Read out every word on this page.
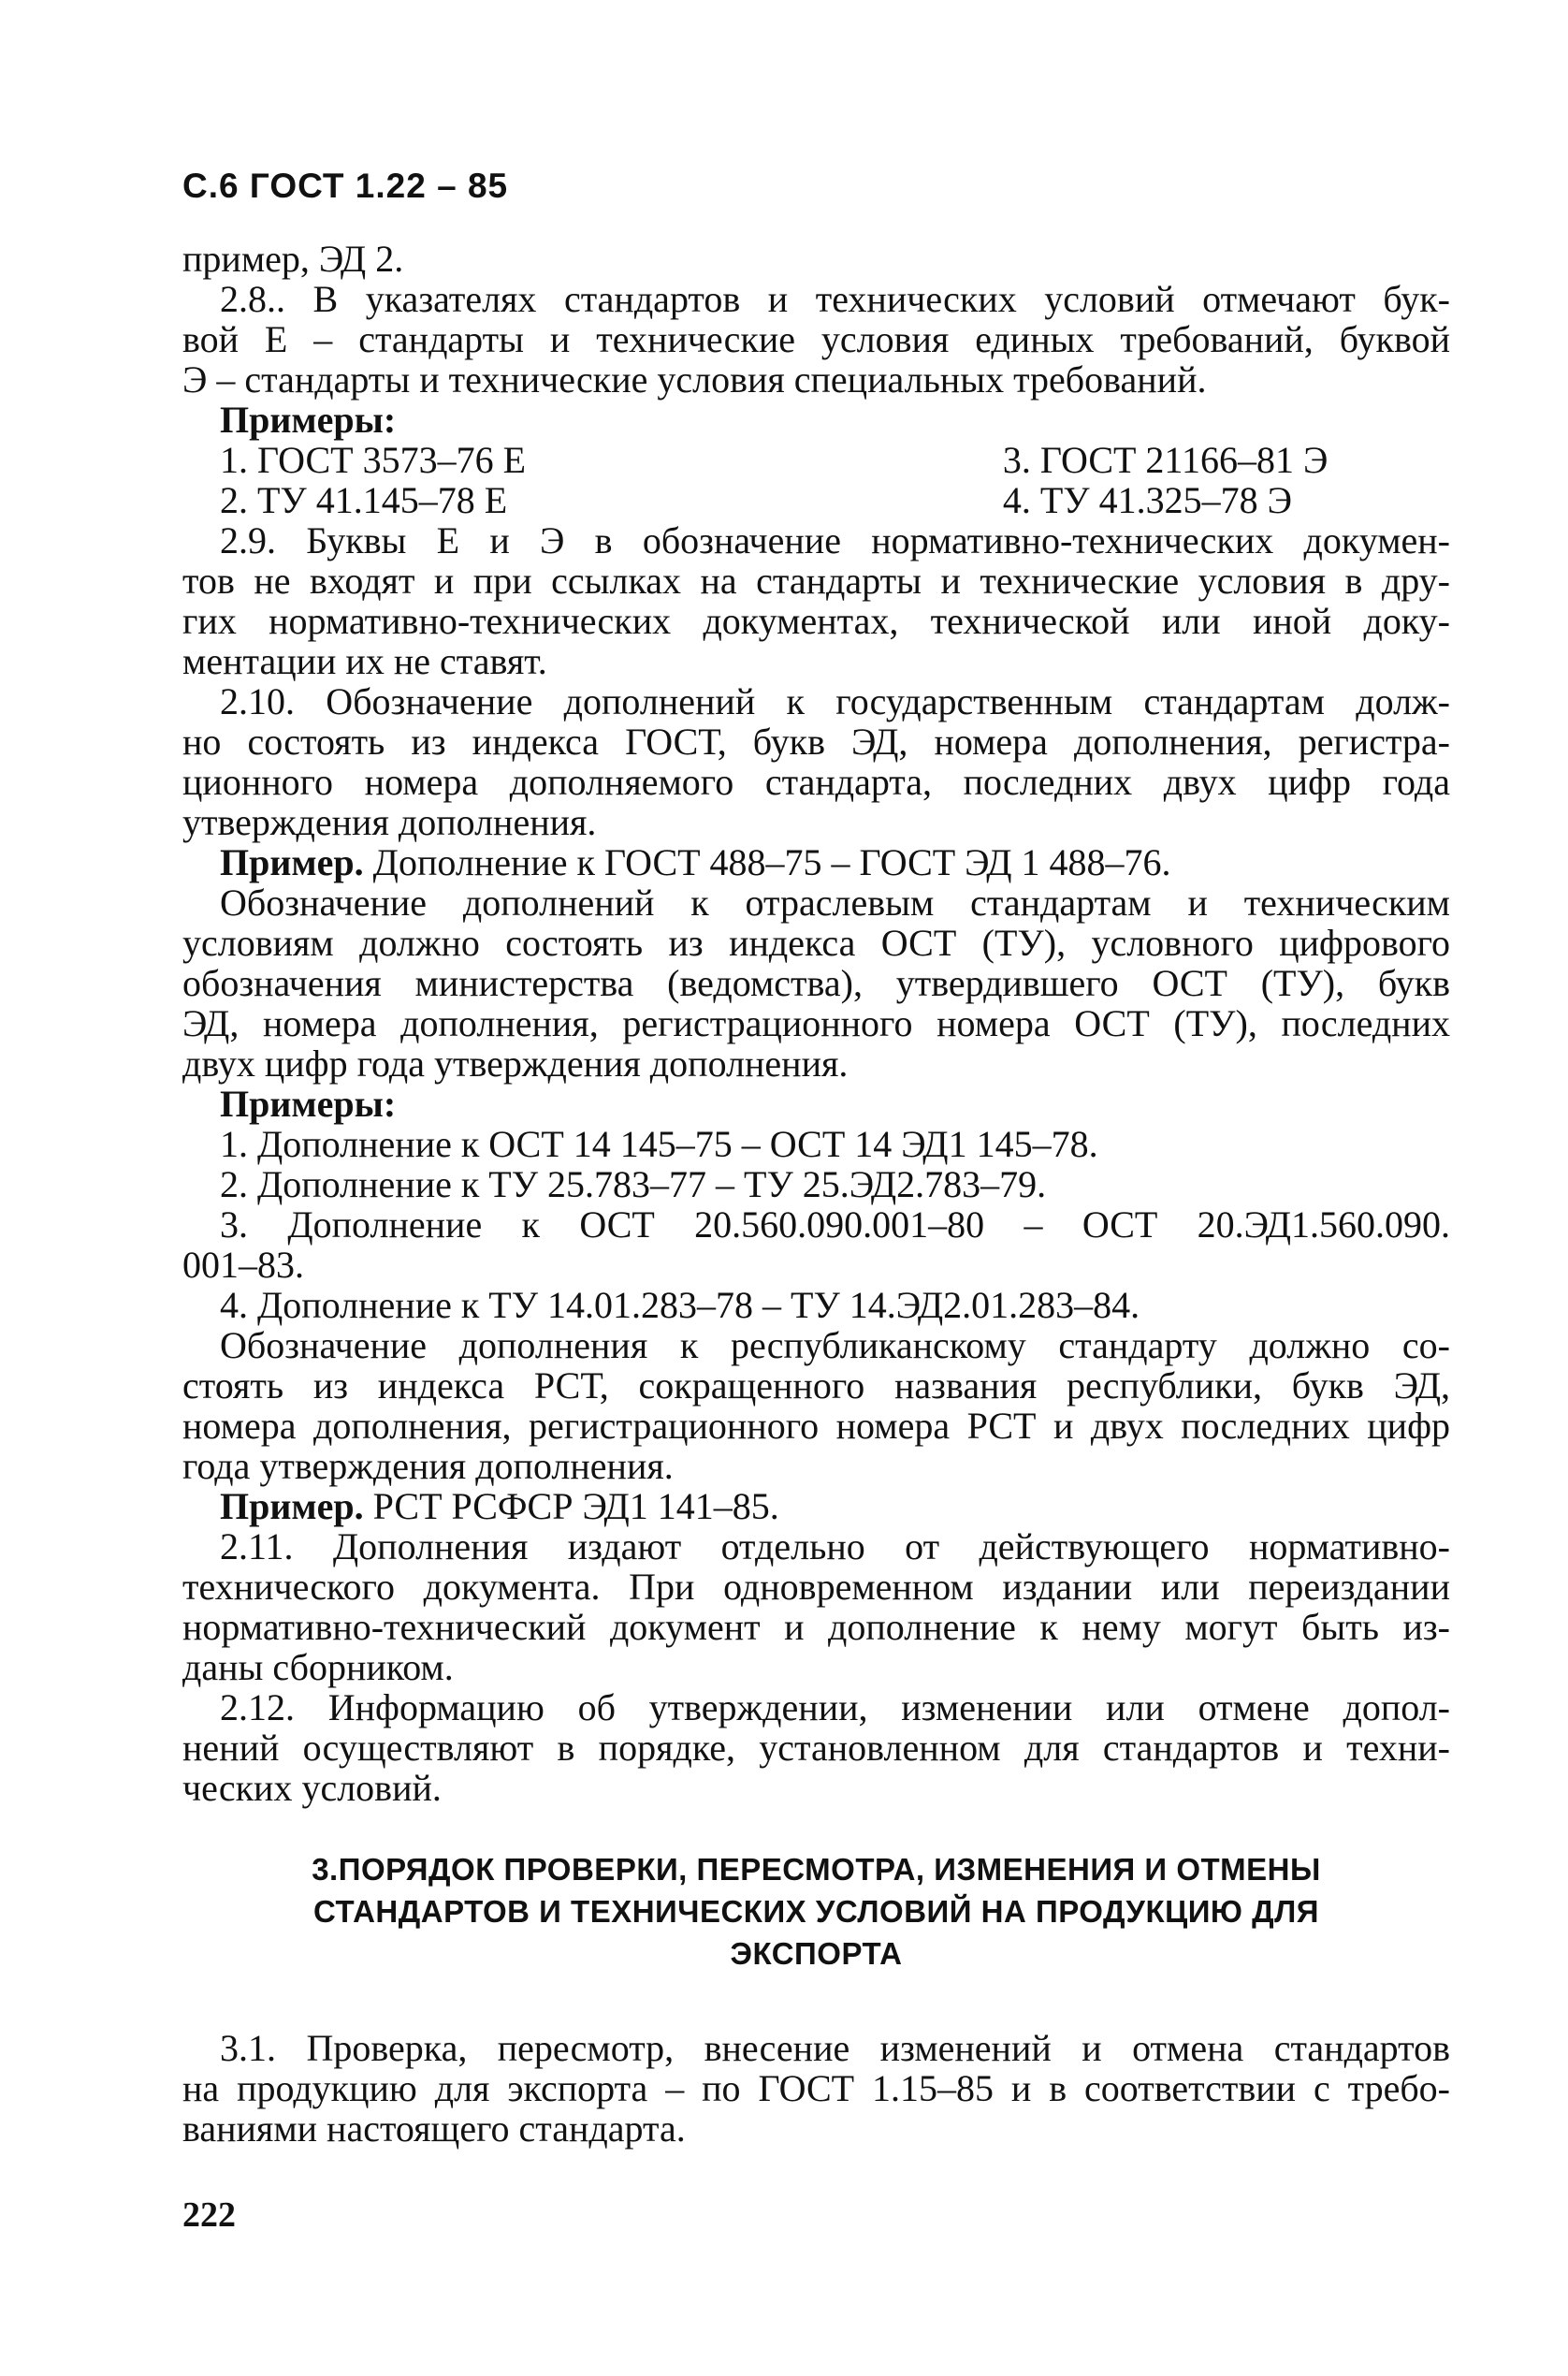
С.6 ГОСТ 1.22 – 85
пример, ЭД 2.
2.8.. В указателях стандартов и технических условий отмечают бук-
вой Е – стандарты и технические условия единых требований, буквой
Э – стандарты и технические условия специальных требований.
Примеры:
1. ГОСТ 3573–76 Е	3. ГОСТ 21166–81 Э
2. ТУ 41.145–78 Е	4. ТУ 41.325–78 Э
2.9. Буквы Е и Э в обозначение нормативно-технических докумен-
тов не входят и при ссылках на стандарты и технические условия в дру-
гих нормативно-технических документах, технической или иной доку-
ментации их не ставят.
2.10. Обозначение дополнений к государственным стандартам долж-
но состоять из индекса ГОСТ, букв ЭД, номера дополнения, регистра-
ционного номера дополняемого стандарта, последних двух цифр года
утверждения дополнения.
Пример. Дополнение к ГОСТ 488–75 – ГОСТ ЭД 1 488–76.
Обозначение дополнений к отраслевым стандартам и техническим
условиям должно состоять из индекса ОСТ (ТУ), условного цифрового
обозначения министерства (ведомства), утвердившего ОСТ (ТУ), букв
ЭД, номера дополнения, регистрационного номера ОСТ (ТУ), последних
двух цифр года утверждения дополнения.
Примеры:
1. Дополнение к ОСТ 14 145–75 – ОСТ 14 ЭД1 145–78.
2. Дополнение к ТУ 25.783–77 – ТУ 25.ЭД2.783–79.
3. Дополнение к ОСТ 20.560.090.001–80 – ОСТ 20.ЭД1.560.090.
001–83.
4. Дополнение к ТУ 14.01.283–78 – ТУ 14.ЭД2.01.283–84.
Обозначение дополнения к республиканскому стандарту должно со-
стоять из индекса РСТ, сокращенного названия республики, букв ЭД,
номера дополнения, регистрационного номера РСТ и двух последних цифр
года утверждения дополнения.
Пример. РСТ РСФСР ЭД1 141–85.
2.11. Дополнения издают отдельно от действующего нормативно-
технического документа. При одновременном издании или переиздании
нормативно-технический документ и дополнение к нему могут быть из-
даны сборником.
2.12. Информацию об утверждении, изменении или отмене допол-
нений осуществляют в порядке, установленном для стандартов и техни-
ческих условий.
3.ПОРЯДОК ПРОВЕРКИ, ПЕРЕСМОТРА, ИЗМЕНЕНИЯ И ОТМЕНЫ
СТАНДАРТОВ И ТЕХНИЧЕСКИХ УСЛОВИЙ НА ПРОДУКЦИЮ ДЛЯ
ЭКСПОРТА
3.1. Проверка, пересмотр, внесение изменений и отмена стандартов
на продукцию для экспорта – по ГОСТ 1.15–85 и в соответствии с требо-
ваниями настоящего стандарта.
222
